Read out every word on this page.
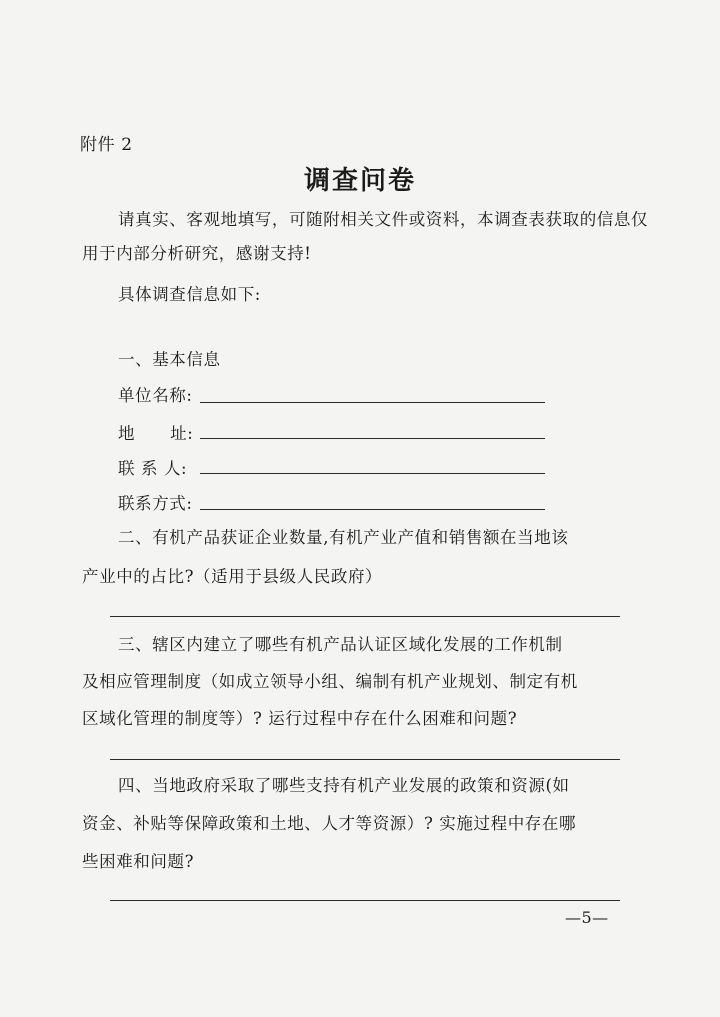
附件 2
调查问卷
请真实、客观地填写，可随附相关文件或资料，本调查表获取的信息仅
用于内部分析研究，感谢支持!
具体调查信息如下:
一、基本信息
单位名称:
地      址:
联 系 人:
联系方式:
二、有机产品获证企业数量,有机产业产值和销售额在当地该
产业中的占比?（适用于县级人民政府）
三、辖区内建立了哪些有机产品认证区域化发展的工作机制
及相应管理制度（如成立领导小组、编制有机产业规划、制定有机
区域化管理的制度等）? 运行过程中存在什么困难和问题?
四、当地政府采取了哪些支持有机产业发展的政策和资源(如
资金、补贴等保障政策和土地、人才等资源）? 实施过程中存在哪
些困难和问题?
—5—
